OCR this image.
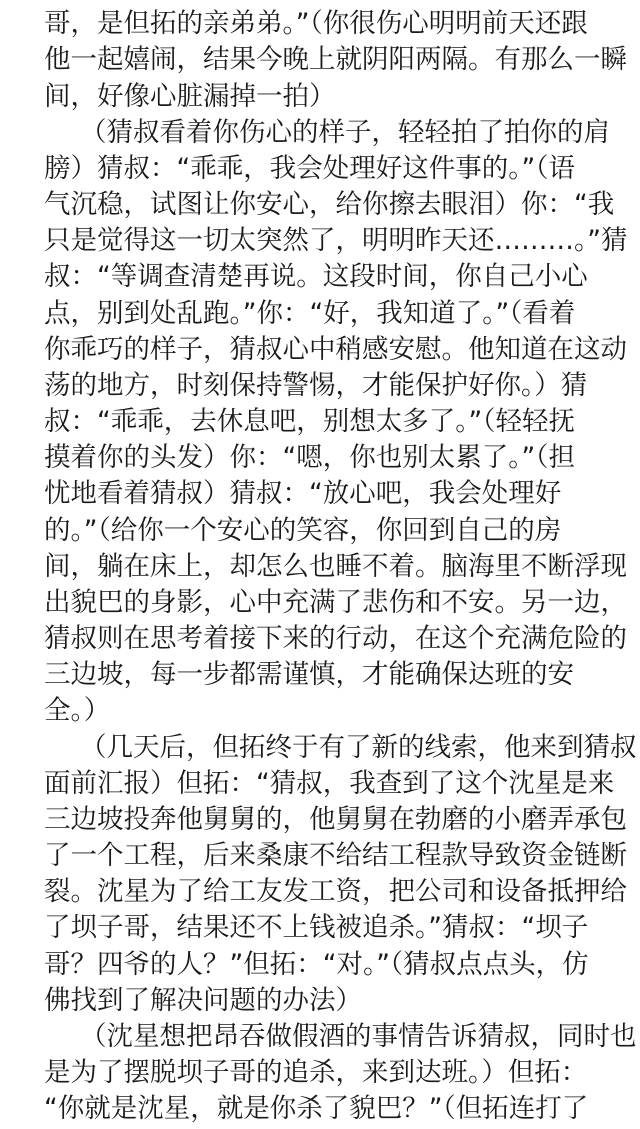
哥，是但拓的亲弟弟。”（你很伤心明明前天还跟
他一起嬉闹，结果今晚上就阴阳两隔。有那么一瞬
间，好像心脏漏掉一拍）
（猜叔看着你伤心的样子，轻轻拍了拍你的肩
膀）猜叔：“乖乖，我会处理好这件事的。”（语
气沉稳，试图让你安心，给你擦去眼泪）你：“我
只是觉得这一切太突然了，明明昨天还………。”猜
叔：“等调查清楚再说。这段时间，你自己小心
点，别到处乱跑。”你：“好，我知道了。”（看着
你乖巧的样子，猜叔心中稍感安慰。他知道在这动
荡的地方，时刻保持警惕，才能保护好你。）猜
叔：“乖乖，去休息吧，别想太多了。”（轻轻抚
摸着你的头发）你：“嗯，你也别太累了。”（担
忧地看着猜叔）猜叔：“放心吧，我会处理好
的。”（给你一个安心的笑容，你回到自己的房
间，躺在床上，却怎么也睡不着。脑海里不断浮现
出貌巴的身影，心中充满了悲伤和不安。另一边，
猜叔则在思考着接下来的行动，在这个充满危险的
三边坡，每一步都需谨慎，才能确保达班的安
全。）
（几天后，但拓终于有了新的线索，他来到猜叔
面前汇报）但拓：“猜叔，我查到了这个沈星是来
三边坡投奔他舅舅的，他舅舅在勃磨的小磨弄承包
了一个工程，后来桑康不给结工程款导致资金链断
裂。沈星为了给工友发工资，把公司和设备抵押给
了坝子哥，结果还不上钱被追杀。”猜叔：“坝子
哥？四爷的人？”但拓：“对。”（猜叔点点头，仿
佛找到了解决问题的办法）
（沈星想把昂吞做假酒的事情告诉猜叔，同时也
是为了摆脱坝子哥的追杀，来到达班。）但拓：
“你就是沈星，就是你杀了貌巴？”（但拓连打了
